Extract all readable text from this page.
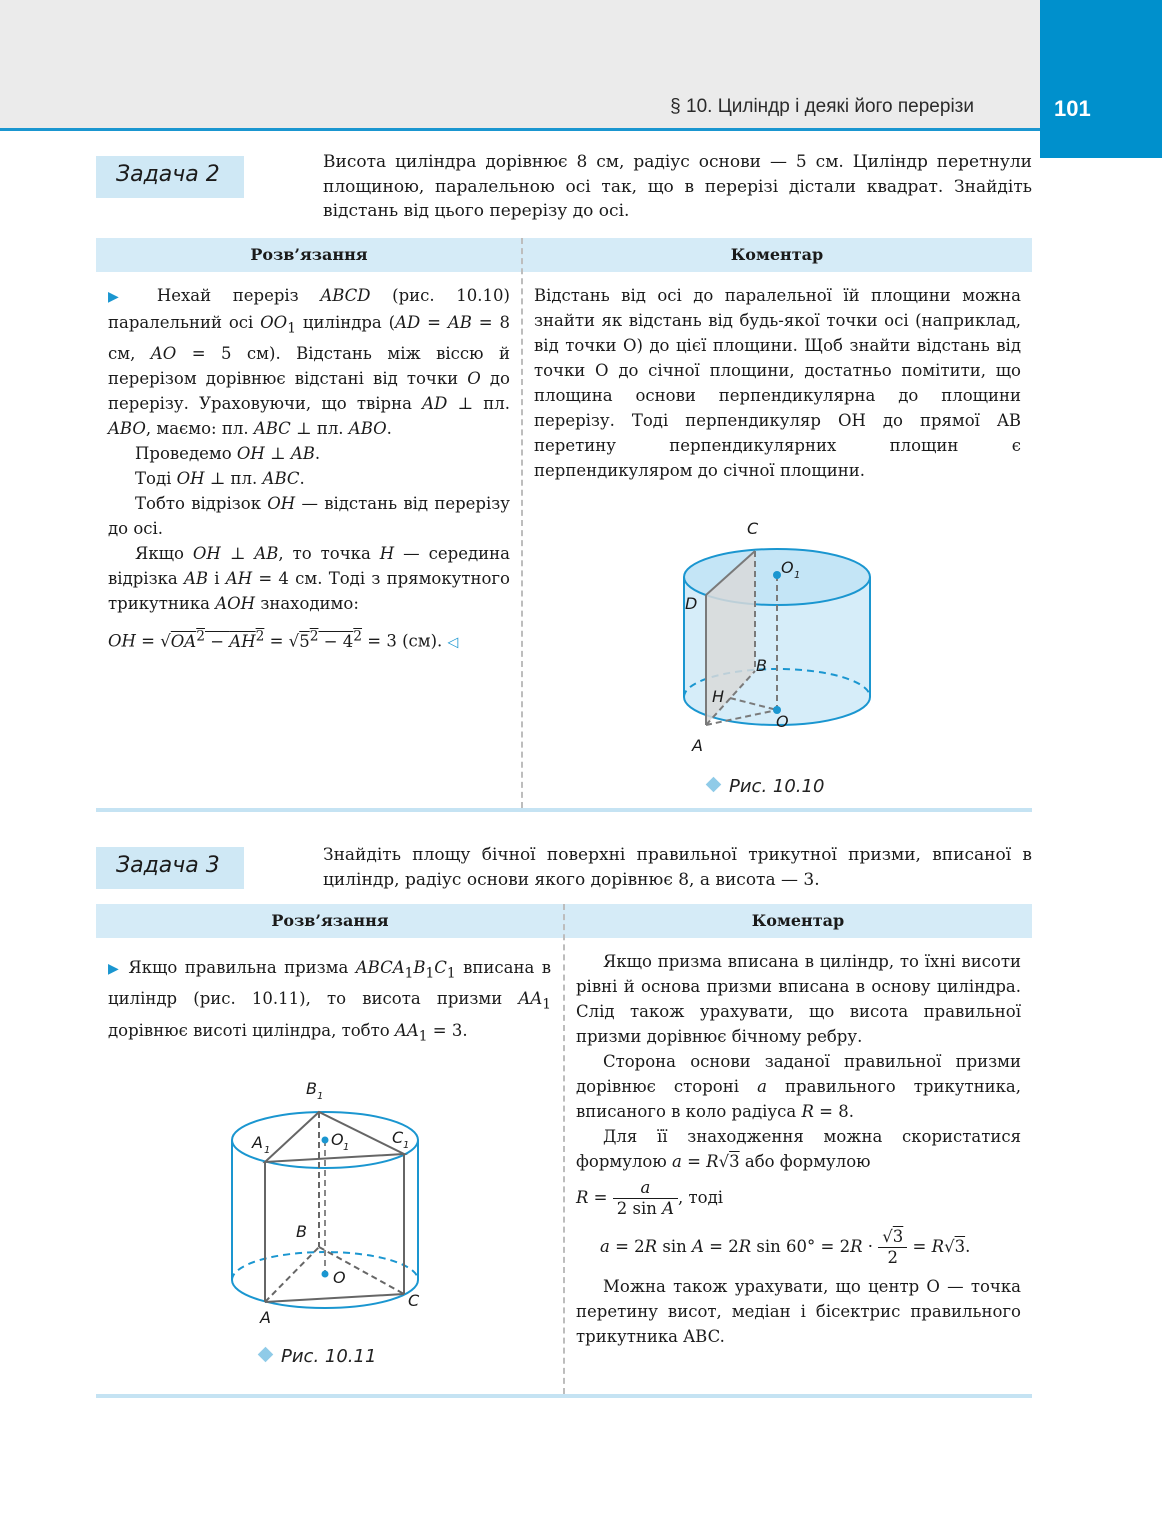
101
§ 10. Циліндр і деякі його перерізи
Задача 2	Висота циліндра дорівнює 8 см, радіус основи — 5 см. Циліндр перетнули площиною, паралельною осі так, що в перерізі дістали квадрат. Знайдіть відстань від цього перерізу до осі.
Розв’язання	Коментар

▶ Нехай переріз ABCD (рис. 10.10) паралельний осі $OO_1$ циліндра (AD = AB = 8 см, AO = 5 см). Відстань між віссю й перерізом дорівнює відстані від точки O до перерізу. Ураховуючи, що твірна AD ⊥ пл. ABO, маємо: пл. ABC ⊥ пл. ABO.

Проведемо OH ⊥ AB.

Тоді OH ⊥ пл. ABC.

Тобто відрізок OH — відстань від перерізу до осі.

Якщо OH ⊥ AB, то точка H — середина відрізка AB і AH = 4 см. Тоді з прямокутного трикутника AOH знаходимо:

OH = $√OA^2 - AH^2 = √5^2 - 4^2 = 3$ (см). ◁

Відстань від осі до паралельної їй площини можна знайти як відстань від будь-якої точки осі (наприклад, від точки O) до цієї площини. Щоб знайти відстань від точки O до січної площини, достатньо помітити, що площина основи перпендикулярна до площини перерізу. Тоді перпендикуляр OH до прямої AB перетину перпендикулярних площин є перпендикуляром до січної площини.
C
O 1
D
B
H
O
A
Рис. 10.10
Задача 3	Знайдіть площу бічної поверхні правильної трикутної призми, вписаної в циліндр, радіус основи якого дорівнює 8, а висота — 3.
Розв’язання	Коментар

▶ Якщо правильна призма $ABCA_1B_1C_1$ вписана в циліндр (рис. 10.11), то висота призми $AA_1$ дорівнює висоті циліндра, тобто $AA_1 = 3$.

B 1
A 1
O 1
C 1
B
O
A
C
Рис. 10.11

Якщо призма вписана в циліндр, то їхні висоти рівні й основа призми вписана в основу циліндра. Слід також урахувати, що висота правильної призми дорівнює бічному ребру.

Сторона основи заданої правильної призми дорівнює стороні a правильного трикутника, вписаного в коло радіуса R = 8.

Для її знаходження можна скористатися формулою a = R√3 або формулою

$R = \frac{a}{\text{2 sin A}}$ , тоді

a = 2R sin A = 2R $\sin 60^\circ = 2R \cdot \frac{√3}{2} = R√3$.

Можна також урахувати, що центр O — точка перетину висот, медіан і бісектрис правильного трикутника ABC.
